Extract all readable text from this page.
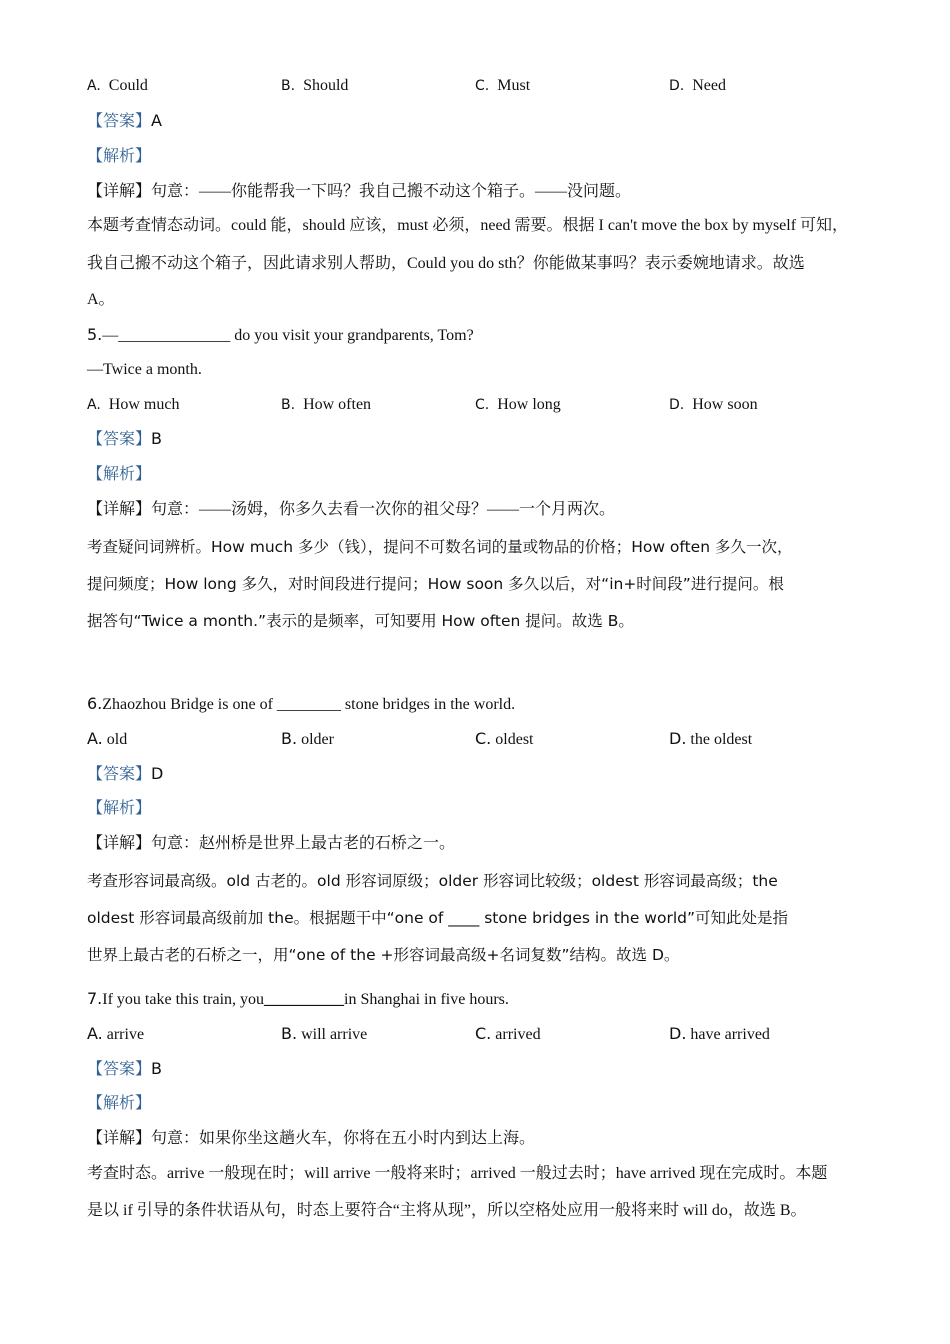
A. Could	B. Should	C. Must	D. Need
【答案】A
【解析】
【详解】句意：——你能帮我一下吗？我自己搬不动这个箱子。——没问题。
本题考查情态动词。could 能，should 应该，must 必须，need 需要。根据 I can't move the box by myself 可知，
我自己搬不动这个箱子，因此请求别人帮助，Could you do sth？你能做某事吗？表示委婉地请求。故选
A。
5.—______________ do you visit your grandparents, Tom?
—Twice a month.
A. How much	B. How often	C. How long	D. How soon
【答案】B
【解析】
【详解】句意：——汤姆，你多久去看一次你的祖父母？——一个月两次。
考查疑问词辨析。How much 多少（钱），提问不可数名词的量或物品的价格；How often 多久一次，
提问频度；How long 多久，对时间段进行提问；How soon 多久以后，对“in+时间段”进行提问。根
据答句“Twice a month.”表示的是频率，可知要用 How often 提问。故选 B。
6.Zhaozhou Bridge is one of ________ stone bridges in the world.
A. old	B. older	C. oldest	D. the oldest
【答案】D
【解析】
【详解】句意：赵州桥是世界上最古老的石桥之一。
考查形容词最高级。old 古老的。old 形容词原级；older 形容词比较级；oldest 形容词最高级；the
oldest 形容词最高级前加 the。根据题干中“one of ____ stone bridges in the world”可知此处是指
世界上最古老的石桥之一，用“one of the +形容词最高级+名词复数”结构。故选 D。
7.If you take this train, you__________in Shanghai in five hours.
A. arrive	B. will arrive	C. arrived	D. have arrived
【答案】B
【解析】
【详解】句意：如果你坐这趟火车，你将在五小时内到达上海。
考查时态。arrive 一般现在时；will arrive 一般将来时；arrived 一般过去时；have arrived 现在完成时。本题
是以 if 引导的条件状语从句，时态上要符合“主将从现”，所以空格处应用一般将来时 will do，故选 B。
